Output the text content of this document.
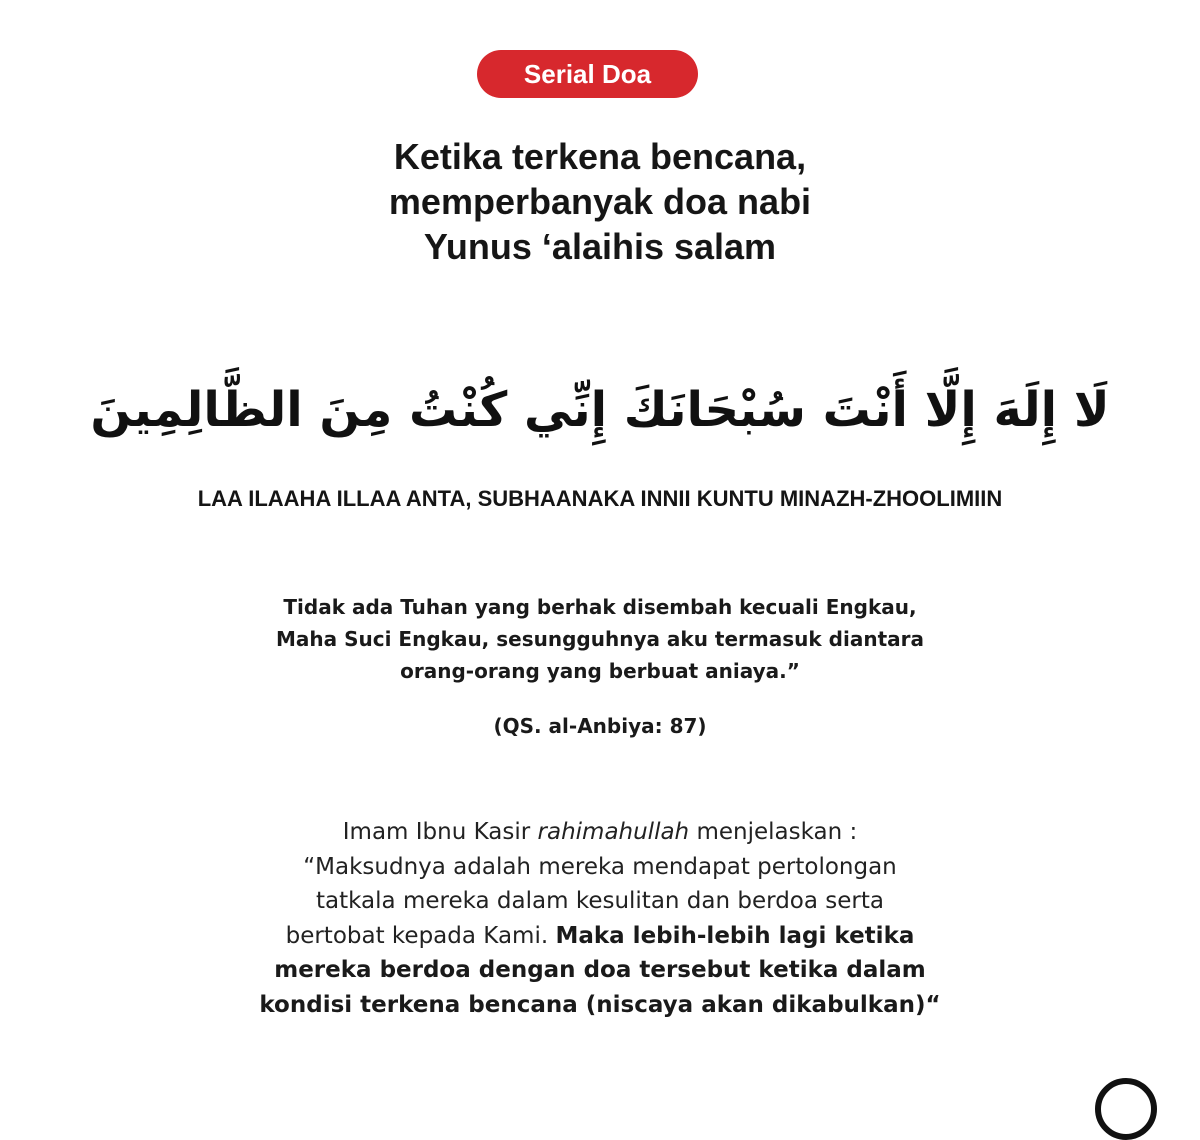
Serial Doa
Ketika terkena bencana,
memperbanyak doa nabi
Yunus ‘alaihis salam
لَا إِلَهَ إِلَّا أَنْتَ سُبْحَانَكَ إِنِّي كُنْتُ مِنَ الظَّالِمِينَ
LAA ILAAHA ILLAA ANTA, SUBHAANAKA INNII KUNTU MINAZH-ZHOOLIMIIN
Tidak ada Tuhan yang berhak disembah kecuali Engkau,
Maha Suci Engkau, sesungguhnya aku termasuk diantara
orang-orang yang berbuat aniaya.”
(QS. al-Anbiya: 87)
Imam Ibnu Kasir rahimahullah menjelaskan :
“Maksudnya adalah mereka mendapat pertolongan
tatkala mereka dalam kesulitan dan berdoa serta
bertobat kepada Kami. Maka lebih-lebih lagi ketika
mereka berdoa dengan doa tersebut ketika dalam
kondisi terkena bencana (niscaya akan dikabulkan)“
